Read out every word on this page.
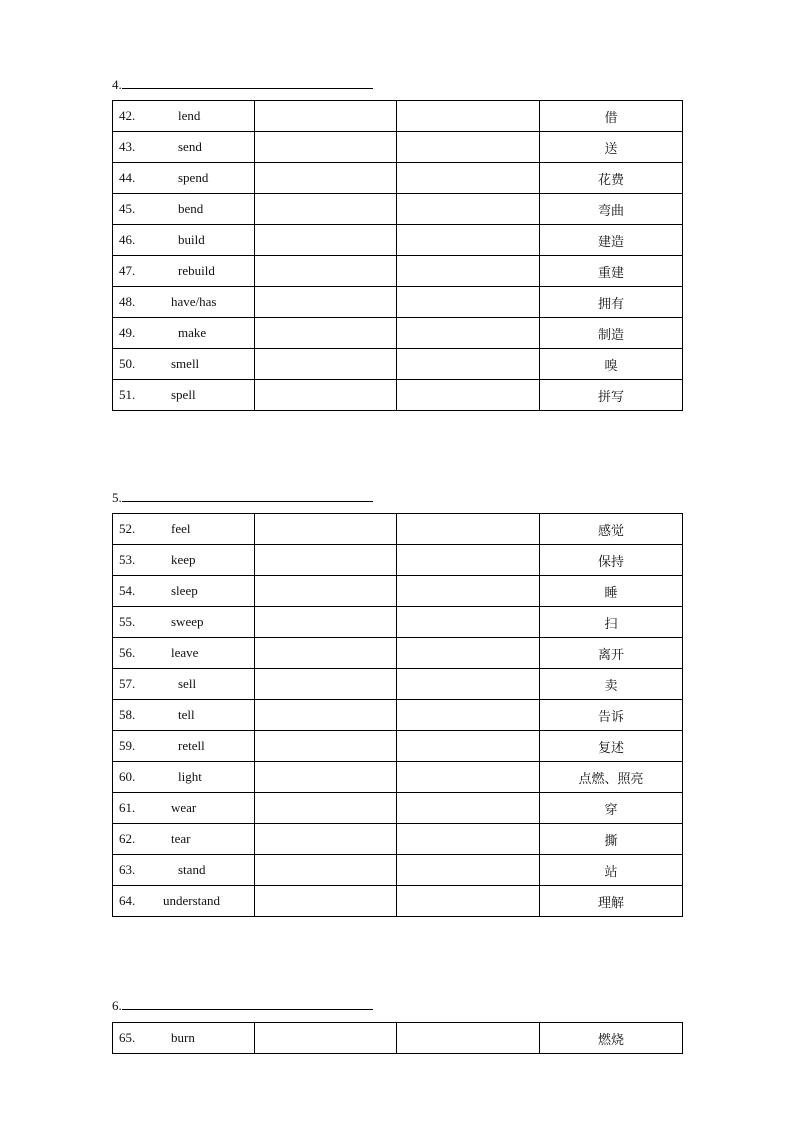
4.
42. lend			借
43. send			送
44. spend			花费
45. bend			弯曲
46. build			建造
47. rebuild			重建
48. have/has			拥有
49. make			制造
50. smell			嗅
51. spell			拼写
5.
52. feel			感觉
53. keep			保持
54. sleep			睡
55. sweep			扫
56. leave			离开
57. sell			卖
58. tell			告诉
59. retell			复述
60. light			点燃、照亮
61. wear			穿
62. tear			撕
63. stand			站
64. understand			理解
6.
65.	burn			燃烧
